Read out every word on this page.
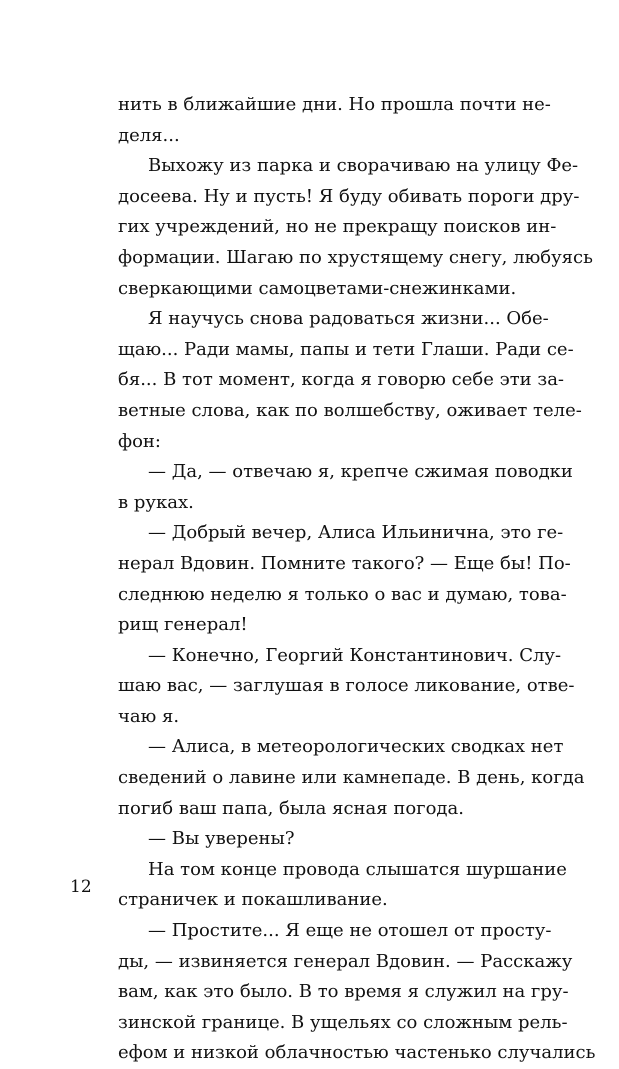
нить в ближайшие дни. Но прошла почти не-
деля...
Выхожу из парка и сворачиваю на улицу Фе-
досеева. Ну и пусть! Я буду обивать пороги дру-
гих учреждений, но не прекращу поисков ин-
формации. Шагаю по хрустящему снегу, любуясь
сверкающими самоцветами-снежинками.
Я научусь снова радоваться жизни... Обе-
щаю... Ради мамы, папы и тети Глаши. Ради се-
бя... В тот момент, когда я говорю себе эти за-
ветные слова, как по волшебству, оживает теле-
фон:
— Да, — отвечаю я, крепче сжимая поводки
в руках.
— Добрый вечер, Алиса Ильинична, это ге-
нерал Вдовин. Помните такого? — Еще бы! По-
следнюю неделю я только о вас и думаю, това-
рищ генерал!
— Конечно, Георгий Константинович. Слу-
шаю вас, — заглушая в голосе ликование, отве-
чаю я.
— Алиса, в метеорологических сводках нет
сведений о лавине или камнепаде. В день, когда
погиб ваш папа, была ясная погода.
— Вы уверены?
На том конце провода слышатся шуршание
страничек и покашливание.
— Простите... Я еще не отошел от просту-
ды, — извиняется генерал Вдовин. — Расскажу
вам, как это было. В то время я служил на гру-
зинской границе. В ущельях со сложным рель-
ефом и низкой облачностью частенько случались
12
